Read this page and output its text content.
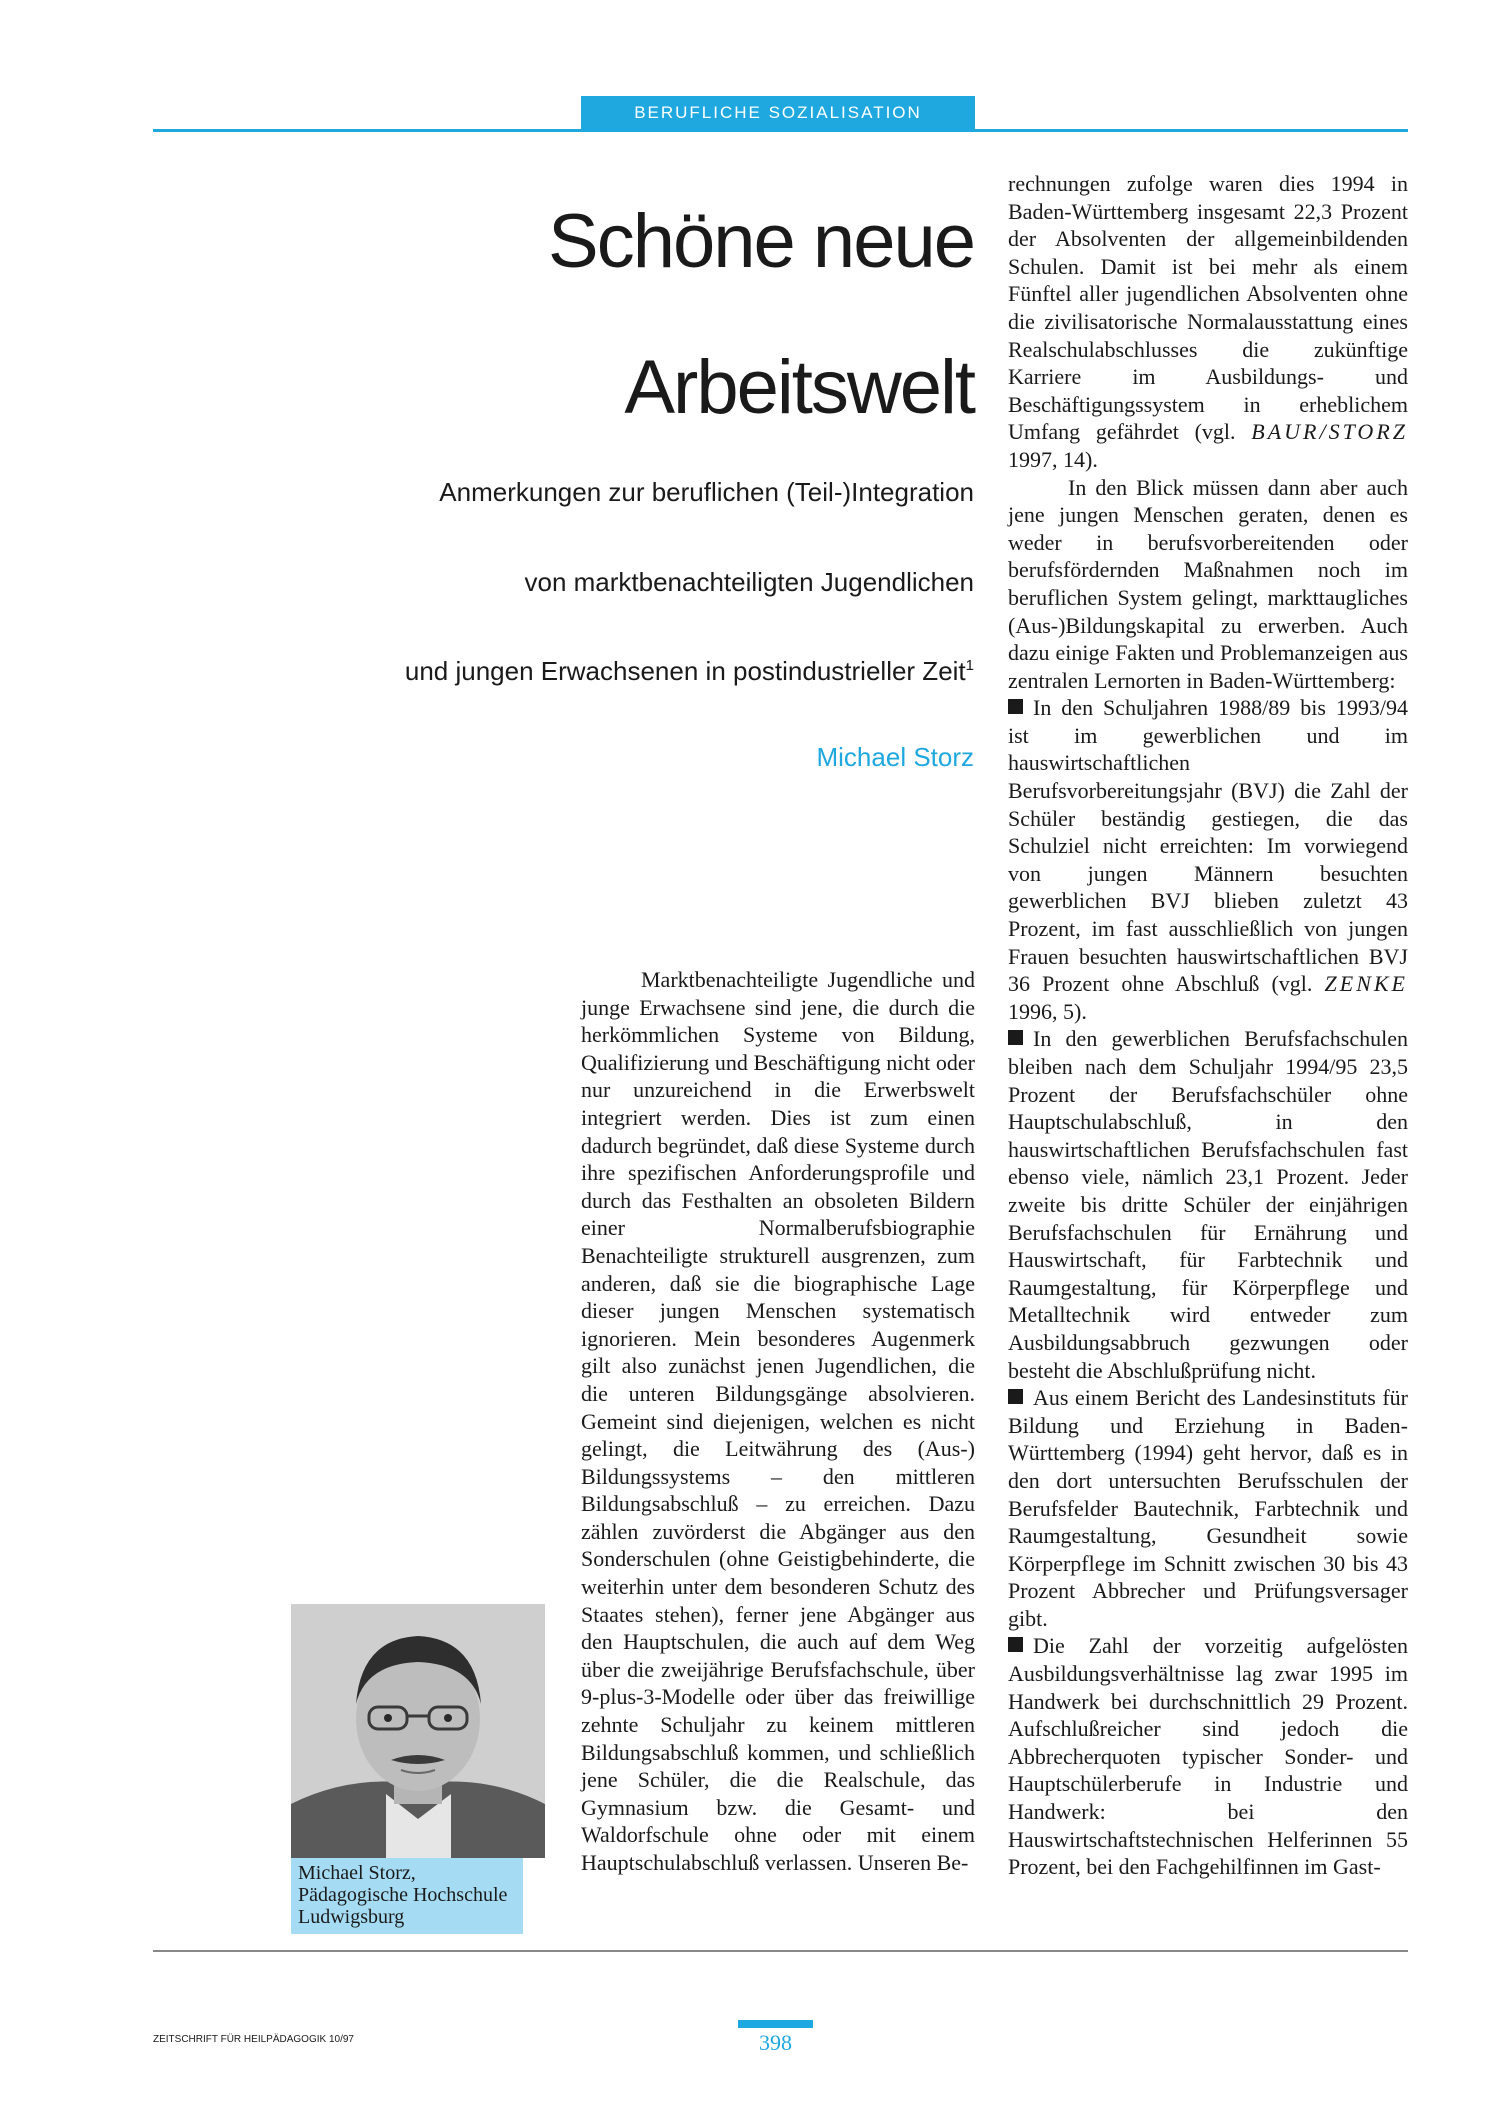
BERUFLICHE SOZIALISATION
Schöne neue
Arbeitswelt
Anmerkungen zur beruflichen (Teil-)Integration
von marktbenachteiligten Jugendlichen
und jungen Erwachsenen in postindustrieller Zeit$^1$
Michael Storz
Michael Storz,
Pädagogische Hochschule
Ludwigsburg

Marktbenachteiligte Jugendliche und junge Erwachsene sind jene, die durch die herkömmlichen Systeme von Bildung, Qualifizierung und Beschäftigung nicht oder nur unzureichend in die Erwerbswelt integriert werden. Dies ist zum einen dadurch begründet, daß diese Systeme durch ihre spezifischen Anforderungsprofile und durch das Festhalten an obsoleten Bildern einer Normalberufsbiographie Benachteiligte strukturell ausgrenzen, zum anderen, daß sie die biographische Lage dieser jungen Menschen systematisch ignorieren. Mein besonderes Augenmerk gilt also zunächst jenen Jugendlichen, die die unteren Bildungsgänge absolvieren. Gemeint sind diejenigen, welchen es nicht gelingt, die Leitwährung des (Aus-) Bildungssystems – den mittleren Bildungsabschluß – zu erreichen. Dazu zählen zuvörderst die Abgänger aus den Sonderschulen (ohne Geistigbehinderte, die weiterhin unter dem besonderen Schutz des Staates stehen), ferner jene Abgänger aus den Hauptschulen, die auch auf dem Weg über die zweijährige Berufsfachschule, über 9-plus-3-Modelle oder über das freiwillige zehnte Schuljahr zu keinem mittleren Bildungsabschluß kommen, und schließlich jene Schüler, die die Realschule, das Gymnasium bzw. die Gesamt- und Waldorfschule ohne oder mit einem Hauptschulabschluß verlassen. Unseren Be-

rechnungen zufolge waren dies 1994 in Baden-Württemberg insgesamt 22,3 Prozent der Absolventen der allgemeinbildenden Schulen. Damit ist bei mehr als einem Fünftel aller jugendlichen Absolventen ohne die zivilisatorische Normalausstattung eines Realschulabschlusses die zukünftige Karriere im Ausbildungs- und Beschäftigungssystem in erheblichem Umfang gefährdet (vgl. BAUR/STORZ 1997, 14).

In den Blick müssen dann aber auch jene jungen Menschen geraten, denen es weder in berufsvorbereitenden oder berufsfördernden Maßnahmen noch im beruflichen System gelingt, markttaugliches (Aus-)Bildungskapital zu erwerben. Auch dazu einige Fakten und Problemanzeigen aus zentralen Lernorten in Baden-Württemberg:

In den Schuljahren 1988/89 bis 1993/94 ist im gewerblichen und im hauswirtschaftlichen Berufsvorbereitungsjahr (BVJ) die Zahl der Schüler beständig gestiegen, die das Schulziel nicht erreichten: Im vorwiegend von jungen Männern besuchten gewerblichen BVJ blieben zuletzt 43 Prozent, im fast ausschließlich von jungen Frauen besuchten hauswirtschaftlichen BVJ 36 Prozent ohne Abschluß (vgl. ZENKE 1996, 5).

In den gewerblichen Berufsfachschulen bleiben nach dem Schuljahr 1994/95 23,5 Prozent der Berufsfachschüler ohne Hauptschulabschluß, in den hauswirtschaftlichen Berufsfachschulen fast ebenso viele, nämlich 23,1 Prozent. Jeder zweite bis dritte Schüler der einjährigen Berufsfachschulen für Ernährung und Hauswirtschaft, für Farbtechnik und Raumgestaltung, für Körperpflege und Metalltechnik wird entweder zum Ausbildungsabbruch gezwungen oder besteht die Abschlußprüfung nicht.

Aus einem Bericht des Landesinstituts für Bildung und Erziehung in Baden-Württemberg (1994) geht hervor, daß es in den dort untersuchten Berufsschulen der Berufsfelder Bautechnik, Farbtechnik und Raumgestaltung, Gesundheit sowie Körperpflege im Schnitt zwischen 30 bis 43 Prozent Abbrecher und Prüfungsversager gibt.

Die Zahl der vorzeitig aufgelösten Ausbildungsverhältnisse lag zwar 1995 im Handwerk bei durchschnittlich 29 Prozent. Aufschlußreicher sind jedoch die Abbrecherquoten typischer Sonder- und Hauptschülerberufe in Industrie und Handwerk: bei den Hauswirtschaftstechnischen Helferinnen 55 Prozent, bei den Fachgehilfinnen im Gast-

ZEITSCHRIFT FÜR HEILPÄDAGOGIK 10/97	398
